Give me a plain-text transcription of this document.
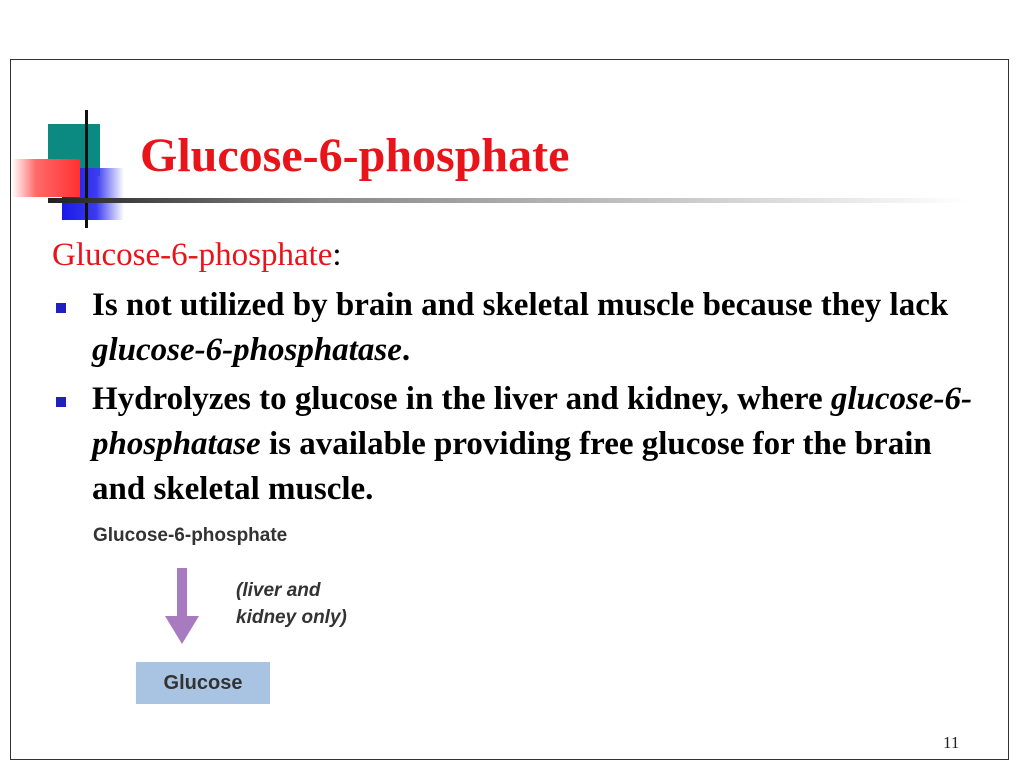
Glucose-6-phosphate
Glucose-6-phosphate:
Is not utilized by brain and skeletal muscle because they lack glucose-6-phosphatase.
Hydrolyzes to glucose in the liver and kidney, where glucose-6-phosphatase is available providing free glucose for the brain and skeletal muscle.
Glucose-6-phosphate
(liver and
kidney only)
Glucose
11
